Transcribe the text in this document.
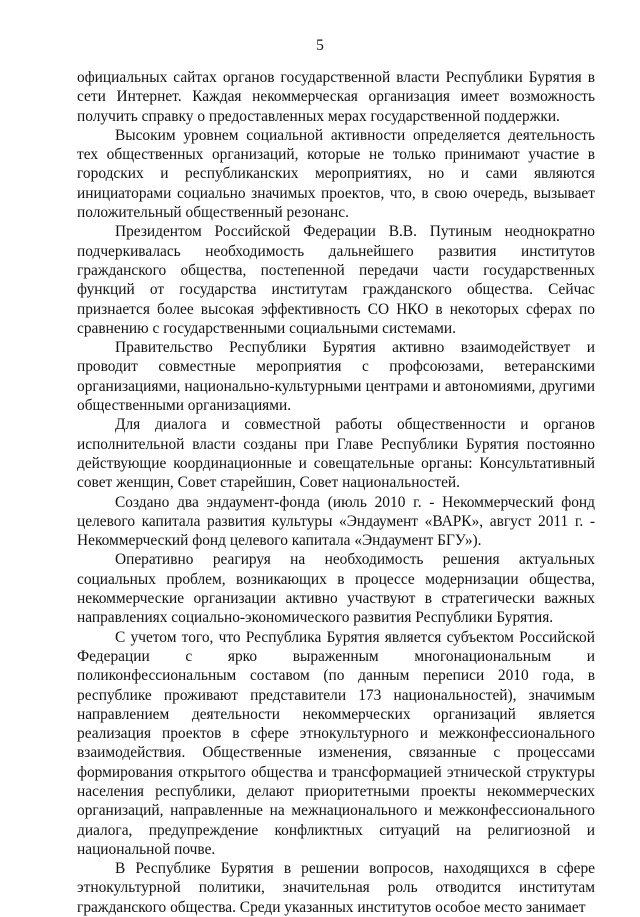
5

официальных сайтах органов государственной власти Республики Бурятия в сети Интернет. Каждая некоммерческая организация имеет возможность получить справку о предоставленных мерах государственной поддержки.

Высоким уровнем социальной активности определяется деятельность тех общественных организаций, которые не только принимают участие в городских и республиканских мероприятиях, но и сами являются инициаторами социально значимых проектов, что, в свою очередь, вызывает положительный общественный резонанс.

Президентом Российской Федерации В.В. Путиным неоднократно подчеркивалась необходимость дальнейшего развития институтов гражданского общества, постепенной передачи части государственных функций от государства институтам гражданского общества. Сейчас признается более высокая эффективность СО НКО в некоторых сферах по сравнению с государственными социальными системами.

Правительство Республики Бурятия активно взаимодействует и проводит совместные мероприятия с профсоюзами, ветеранскими организациями, национально-культурными центрами и автономиями, другими общественными организациями.

Для диалога и совместной работы общественности и органов исполнительной власти созданы при Главе Республики Бурятия постоянно действующие координационные и совещательные органы: Консультативный совет женщин, Совет старейшин, Совет национальностей.

Создано два эндаумент-фонда (июль 2010 г. - Некоммерческий фонд целевого капитала развития культуры «Эндаумент «ВАРК», август 2011 г. - Некоммерческий фонд целевого капитала «Эндаумент БГУ»).

Оперативно реагируя на необходимость решения актуальных социальных проблем, возникающих в процессе модернизации общества, некоммерческие организации активно участвуют в стратегически важных направлениях социально-экономического развития Республики Бурятия.

С учетом того, что Республика Бурятия является субъектом Российской Федерации с ярко выраженным многонациональным и поликонфессиональным составом (по данным переписи 2010 года, в республике проживают представители 173 национальностей), значимым направлением деятельности некоммерческих организаций является реализация проектов в сфере этнокультурного и межконфессионального взаимодействия. Общественные изменения, связанные с процессами формирования открытого общества и трансформацией этнической структуры населения республики, делают приоритетными проекты некоммерческих организаций, направленные на межнационального и межконфессионального диалога, предупреждение конфликтных ситуаций на религиозной и национальной почве.

В Республике Бурятия в решении вопросов, находящихся в сфере этнокультурной политики, значительная роль отводится институтам гражданского общества. Среди указанных институтов особое место занимает
